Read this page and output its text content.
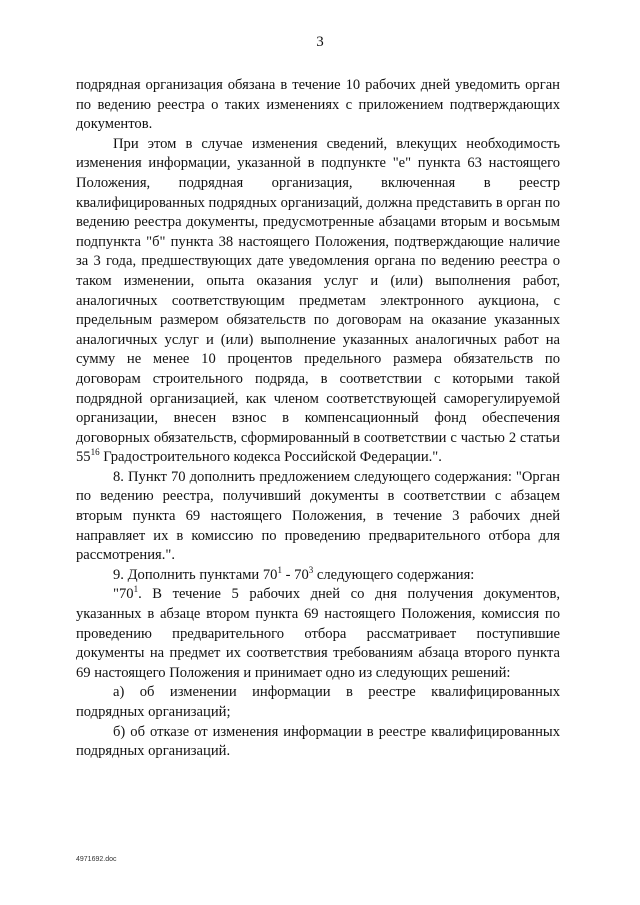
3

подрядная организация обязана в течение 10 рабочих дней уведомить орган по ведению реестра о таких изменениях с приложением подтверждающих документов.

При этом в случае изменения сведений, влекущих необходимость изменения информации, указанной в подпункте "е" пункта 63 настоящего Положения, подрядная организация, включенная в реестр квалифицированных подрядных организаций, должна представить в орган по ведению реестра документы, предусмотренные абзацами вторым и восьмым подпункта "б" пункта 38 настоящего Положения, подтверждающие наличие за 3 года, предшествующих дате уведомления органа по ведению реестра о таком изменении, опыта оказания услуг и (или) выполнения работ, аналогичных соответствующим предметам электронного аукциона, с предельным размером обязательств по договорам на оказание указанных аналогичных услуг и (или) выполнение указанных аналогичных работ на сумму не менее 10 процентов предельного размера обязательств по договорам строительного подряда, в соответствии с которыми такой подрядной организацией, как членом соответствующей саморегулируемой организации, внесен взнос в компенсационный фонд обеспечения договорных обязательств, сформированный в соответствии с частью 2 статьи $55^{16}$ Градостроительного кодекса Российской Федерации.".

8. Пункт 70 дополнить предложением следующего содержания: "Орган по ведению реестра, получивший документы в соответствии с абзацем вторым пункта 69 настоящего Положения, в течение 3 рабочих дней направляет их в комиссию по проведению предварительного отбора для рассмотрения.".

9. Дополнить пунктами $70^1 - 70^3$ следующего содержания:

"$70^1$. В течение 5 рабочих дней со дня получения документов, указанных в абзаце втором пункта 69 настоящего Положения, комиссия по проведению предварительного отбора рассматривает поступившие документы на предмет их соответствия требованиям абзаца второго пункта 69 настоящего Положения и принимает одно из следующих решений:

а) об изменении информации в реестре квалифицированных подрядных организаций;

б) об отказе от изменения информации в реестре квалифицированных подрядных организаций.

4971692.doc
